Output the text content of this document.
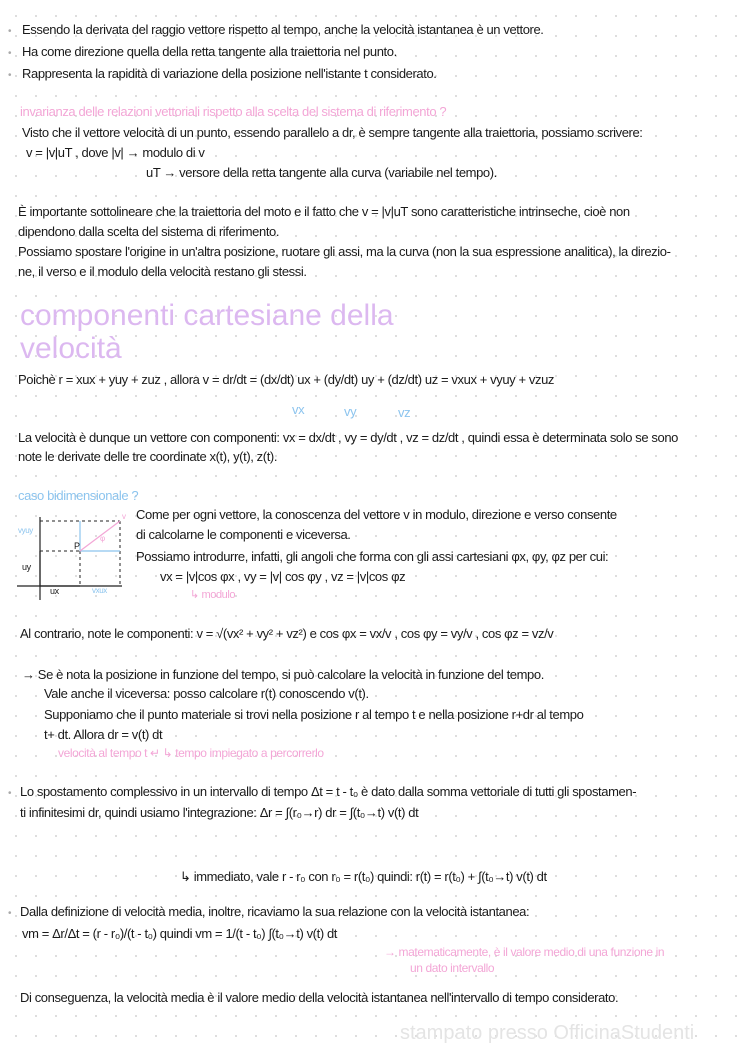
stampato presso OfficinaStudenti
• Essendo la derivata del raggio vettore rispetto al tempo, anche la velocità istantanea è un vettore.
• Ha come direzione quella della retta tangente alla traiettoria nel punto.
• Rappresenta la rapidità di variazione della posizione nell'istante t considerato.
invarianza delle relazioni vettoriali rispetto alla scelta del sistema di riferimento ?
Visto che il vettore velocità di un punto, essendo parallelo a dr, è sempre tangente alla traiettoria, possiamo scrivere:
v = |v|uT , dove |v| → modulo di v
uT → versore della retta tangente alla curva (variabile nel tempo).
È importante sottolineare che la traiettoria del moto e il fatto che v = |v|uT sono caratteristiche intrinseche, cioè non
dipendono dalla scelta del sistema di riferimento.
Possiamo spostare l'origine in un'altra posizione, ruotare gli assi, ma la curva (non la sua espressione analitica), la direzio-
ne, il verso e il modulo della velocità restano gli stessi.
componenti cartesiane della
velocità
Poichè r = xux + yuy + zuz , allora v = dr/dt = (dx/dt) ux + (dy/dt) uy + (dz/dt) uz = vxux + vyuy + vzuz
vx	vy	vz
La velocità è dunque un vettore con componenti: vx = dx/dt , vy = dy/dt , vz = dz/dt , quindi essa è determinata solo se sono
note le derivate delle tre coordinate x(t), y(t), z(t).
caso bidimensionale ?
vyuy
uy
ux	vxux
P
v
φ
Come per ogni vettore, la conoscenza del vettore v in modulo, direzione e verso consente
di calcolarne le componenti e viceversa.
Possiamo introdurre, infatti, gli angoli che forma con gli assi cartesiani φx, φy, φz per cui:
vx = |v|cos φx , vy = |v| cos φy , vz = |v|cos φz
↳ modulo
Al contrario, note le componenti: v = √(vx² + vy² + vz²) e cos φx = vx/v , cos φy = vy/v , cos φz = vz/v
→ Se è nota la posizione in funzione del tempo, si può calcolare la velocità in funzione del tempo.
Vale anche il viceversa: posso calcolare r(t) conoscendo v(t).
Supponiamo che il punto materiale si trovi nella posizione r al tempo t e nella posizione r+dr al tempo
t+ dt. Allora dr = v(t) dt
velocità al tempo t ↵ ↳ tempo impiegato a percorrerlo
• Lo spostamento complessivo in un intervallo di tempo Δt = t - t₀ è dato dalla somma vettoriale di tutti gli spostamen-
ti infinitesimi dr, quindi usiamo l'integrazione: Δr = ∫(r₀→r) dr = ∫(t₀→t) v(t) dt
↳ immediato, vale r - r₀ con r₀ = r(t₀) quindi: r(t) = r(t₀) + ∫(t₀→t) v(t) dt
• Dalla definizione di velocità media, inoltre, ricaviamo la sua relazione con la velocità istantanea:
vm = Δr/Δt = (r - r₀)/(t - t₀) quindi vm = 1/(t - t₀) ∫(t₀→t) v(t) dt
→ matematicamente, è il valore medio di una funzione in
un dato intervallo
Di conseguenza, la velocità media è il valore medio della velocità istantanea nell'intervallo di tempo considerato.
